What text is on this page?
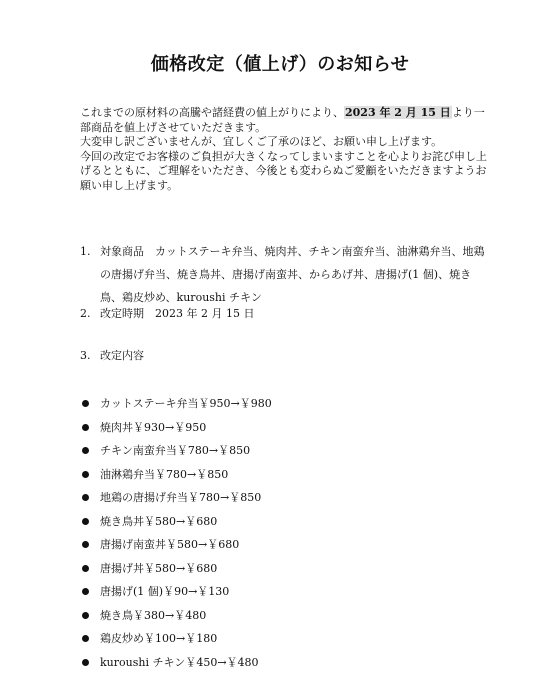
価格改定（値上げ）のお知らせ

これまでの原材料の高騰や諸経費の値上がりにより、2023 年 2 月 15 日より一部商品を値上げさせていただきます。

大変申し訳ございませんが、宜しくご了承のほど、お願い申し上げます。

今回の改定でお客様のご負担が大きくなってしまいますことを心よりお詫び申し上げるとともに、ご理解をいただき、今後とも変わらぬご愛顧をいただきますようお願い申し上げます。

1. 対象商品　カットステーキ弁当、焼肉丼、チキン南蛮弁当、油淋鶏弁当、地鶏の唐揚げ弁当、焼き鳥丼、唐揚げ南蛮丼、からあげ丼、唐揚げ(1 個)、焼き鳥、鶏皮炒め、kuroushi チキン
2. 改定時期　2023 年 2 月 15 日
3. 改定内容
カットステーキ弁当￥950→￥980
焼肉丼￥930→￥950
チキン南蛮弁当￥780→￥850
油淋鶏弁当￥780→￥850
地鶏の唐揚げ弁当￥780→￥850
焼き鳥丼￥580→￥680
唐揚げ南蛮丼￥580→￥680
唐揚げ丼￥580→￥680
唐揚げ(1 個)￥90→￥130
焼き鳥￥380→￥480
鶏皮炒め￥100→￥180
kuroushi チキン￥450→￥480
